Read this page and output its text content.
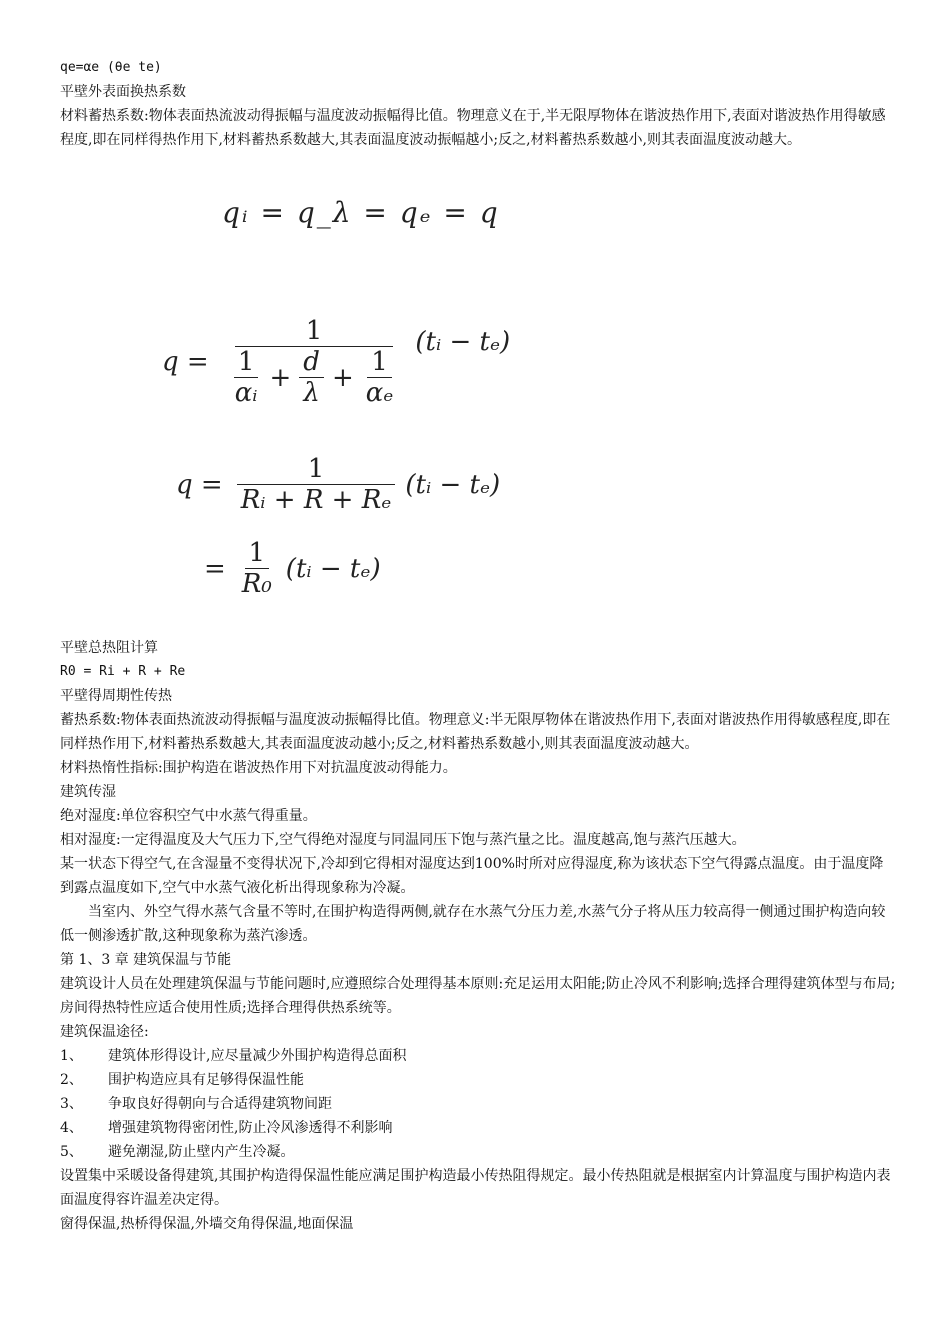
qe=αe (θe te)

平壁外表面换热系数

材料蓄热系数:物体表面热流波动得振幅与温度波动振幅得比值。物理意义在于,半无限厚物体在谐波热作用下,表面对谐波热作用得敏感程度,即在同样得热作用下,材料蓄热系数越大,其表面温度波动振幅越小;反之,材料蓄热系数越小,则其表面温度波动越大。

qᵢ = q_λ = qₑ = q
q =
1
$\frac{1}{\text{αᵢ}} + \frac{d}{\lambda} + \frac{1}{\text{αₑ}}$
(tᵢ − tₑ)
$q = \frac{1}{\text{Rᵢ + R + Rₑ}}$ (tᵢ − tₑ)
= $\frac{1}{\text{R₀}}$ (tᵢ − tₑ)

平壁总热阻计算

R0 = Ri + R + Re

平壁得周期性传热

蓄热系数:物体表面热流波动得振幅与温度波动振幅得比值。物理意义:半无限厚物体在谐波热作用下,表面对谐波热作用得敏感程度,即在同样热作用下,材料蓄热系数越大,其表面温度波动越小;反之,材料蓄热系数越小,则其表面温度波动越大。

材料热惰性指标:围护构造在谐波热作用下对抗温度波动得能力。

建筑传湿

绝对湿度:单位容积空气中水蒸气得重量。

相对湿度:一定得温度及大气压力下,空气得绝对湿度与同温同压下饱与蒸汽量之比。温度越高,饱与蒸汽压越大。

某一状态下得空气,在含湿量不变得状况下,冷却到它得相对湿度达到100%时所对应得湿度,称为该状态下空气得露点温度。由于温度降到露点温度如下,空气中水蒸气液化析出得现象称为冷凝。

当室内、外空气得水蒸气含量不等时,在围护构造得两侧,就存在水蒸气分压力差,水蒸气分子将从压力较高得一侧通过围护构造向较低一侧渗透扩散,这种现象称为蒸汽渗透。

第 1、3 章 建筑保温与节能

建筑设计人员在处理建筑保温与节能问题时,应遵照综合处理得基本原则:充足运用太阳能;防止冷风不利影响;选择合理得建筑体型与布局;房间得热特性应适合使用性质;选择合理得供热系统等。

建筑保温途径:

1、	建筑体形得设计,应尽量减少外围护构造得总面积
2、	围护构造应具有足够得保温性能
3、	争取良好得朝向与合适得建筑物间距
4、	增强建筑物得密闭性,防止冷风渗透得不利影响
5、	避免潮湿,防止壁内产生冷凝。

设置集中采暖设备得建筑,其围护构造得保温性能应满足围护构造最小传热阻得规定。最小传热阻就是根据室内计算温度与围护构造内表面温度得容许温差决定得。

窗得保温,热桥得保温,外墙交角得保温,地面保温
